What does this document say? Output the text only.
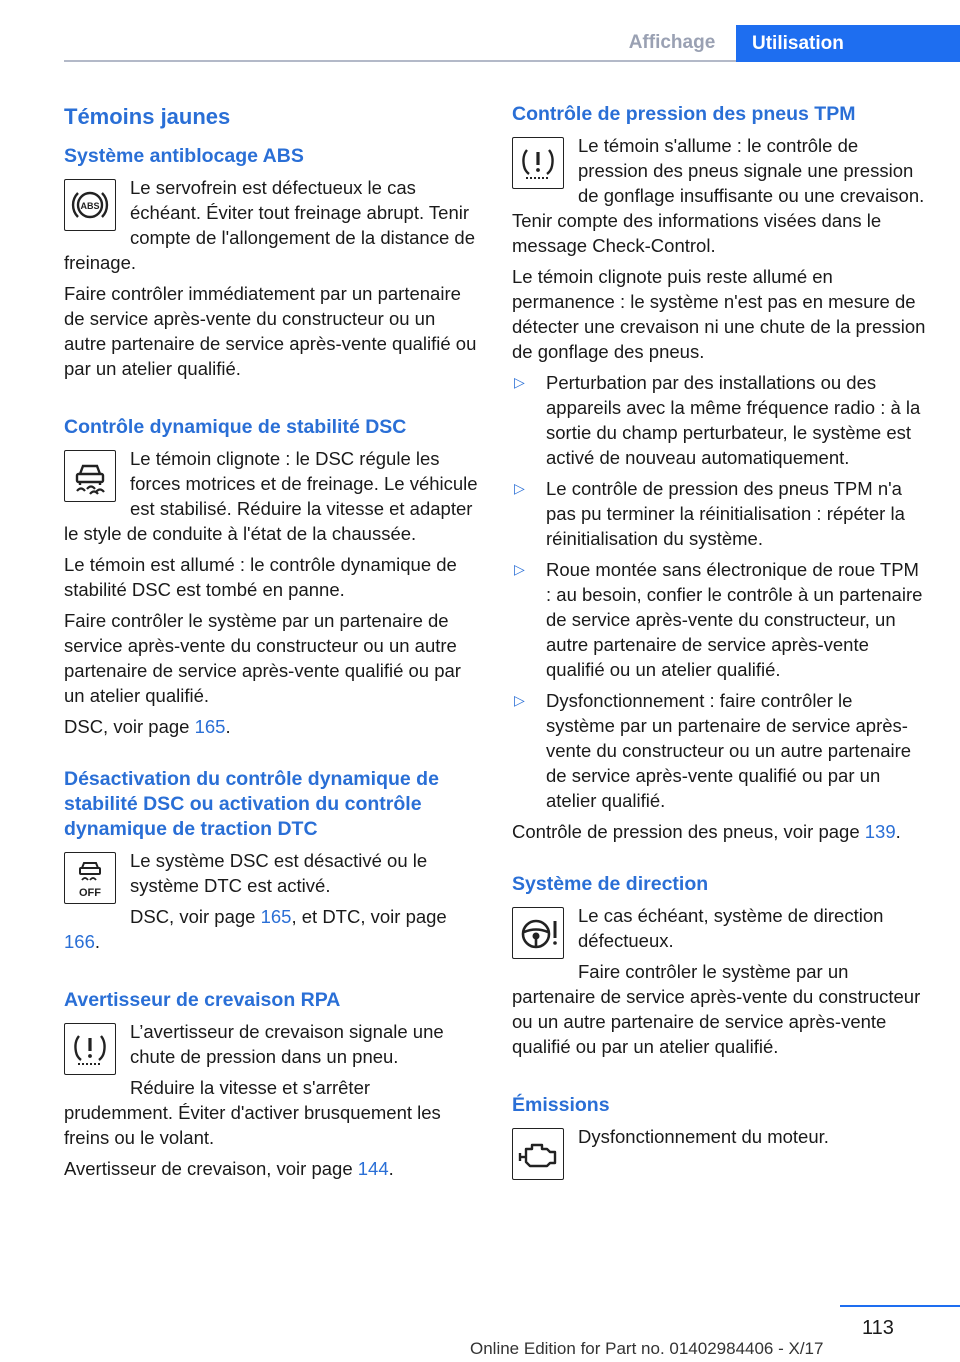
Affichage	Utilisation
Témoins jaunes
Système antiblocage ABS
ABS

Le servofrein est défectueux le cas échéant. Éviter tout freinage abrupt. Tenir compte de l'allongement de la distance de freinage.

Faire contrôler immédiatement par un partenaire de service après-vente du constructeur ou un autre partenaire de service après-vente qualifié ou par un atelier qualifié.

Contrôle dynamique de stabilité DSC

Le témoin clignote : le DSC régule les forces motrices et de freinage. Le véhicule est stabilisé. Réduire la vitesse et adapter le style de conduite à l'état de la chaussée.

Le témoin est allumé : le contrôle dynamique de stabilité DSC est tombé en panne.

Faire contrôler le système par un partenaire de service après-vente du constructeur ou un autre partenaire de service après-vente qualifié ou par un atelier qualifié.

DSC, voir page 165.

Désactivation du contrôle dynamique de stabilité DSC ou activation du contrôle dynamique de traction DTC
OFF

Le système DSC est désactivé ou le système DTC est activé.

DSC, voir page 165, et DTC, voir page 166.

Avertisseur de crevaison RPA

L’avertisseur de crevaison signale une chute de pression dans un pneu.

Réduire la vitesse et s'arrêter prudemment. Éviter d'activer brusquement les freins ou le volant.

Avertisseur de crevaison, voir page 144.

Contrôle de pression des pneus TPM

Le témoin s'allume : le contrôle de pression des pneus signale une pression de gonflage insuffisante ou une crevaison. Tenir compte des informations visées dans le message Check-Control.

Le témoin clignote puis reste allumé en permanence : le système n'est pas en mesure de détecter une crevaison ni une chute de la pression de gonflage des pneus.

▷ Perturbation par des installations ou des appareils avec la même fréquence radio : à la sortie du champ perturbateur, le système est activé de nouveau automatiquement.
▷ Le contrôle de pression des pneus TPM n'a pas pu terminer la réinitialisation : répéter la réinitialisation du système.
▷ Roue montée sans électronique de roue TPM : au besoin, confier le contrôle à un partenaire de service après-vente du constructeur, un autre partenaire de service après-vente qualifié ou un atelier qualifié.
▷ Dysfonctionnement : faire contrôler le système par un partenaire de service après-vente du constructeur ou un autre partenaire de service après-vente qualifié ou par un atelier qualifié.

Contrôle de pression des pneus, voir page 139.

Système de direction

Le cas échéant, système de direction défectueux.

Faire contrôler le système par un partenaire de service après-vente du constructeur ou un autre partenaire de service après-vente qualifié ou par un atelier qualifié.

Émissions

Dysfonctionnement du moteur.

113
Online Edition for Part no. 01402984406 - X/17
